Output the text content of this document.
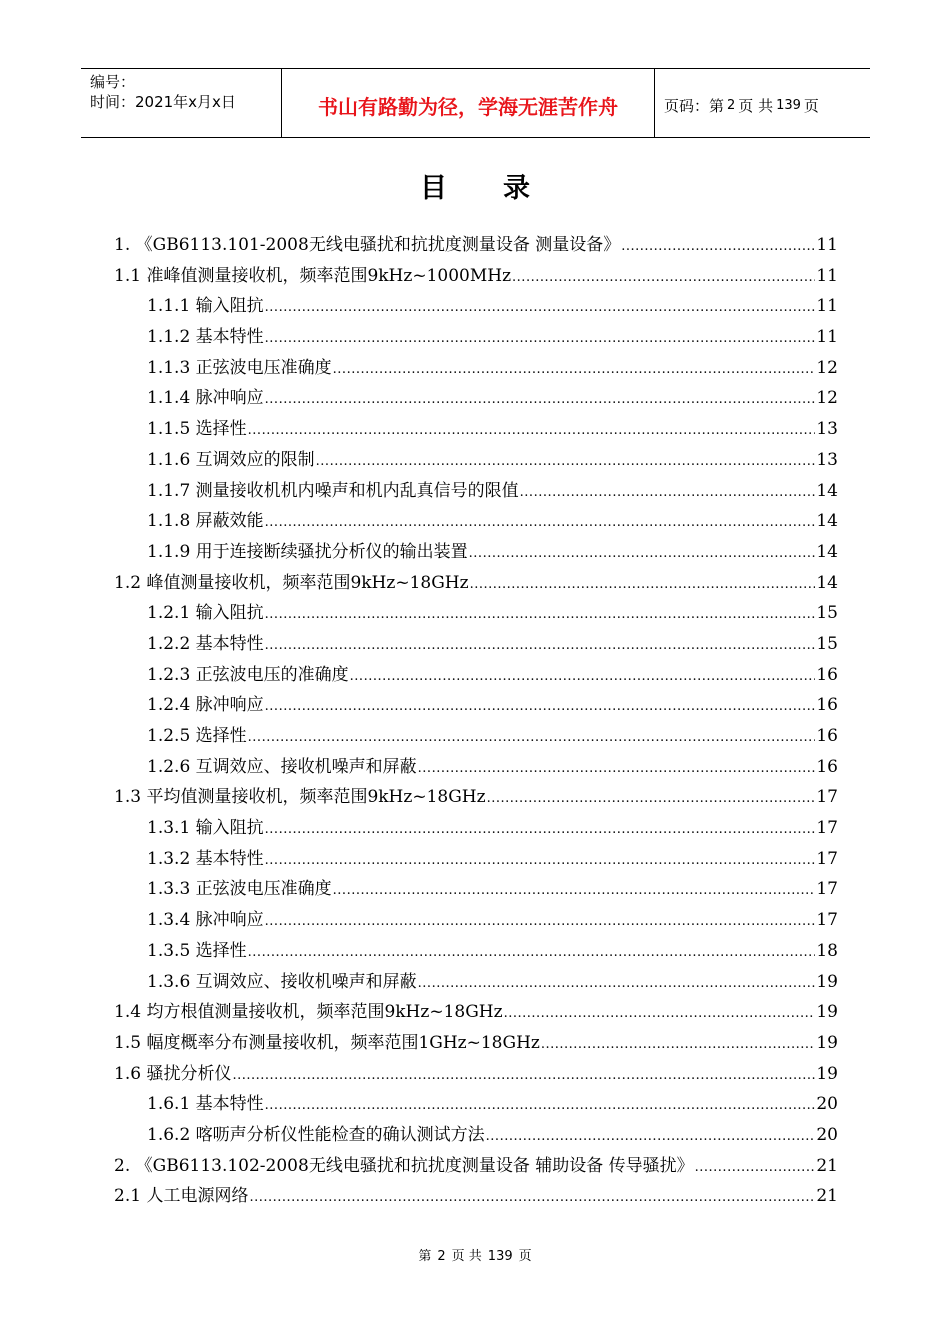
编号：
时间：2021年x月x日	书山有路勤为径，学海无涯苦作舟	页码：第 2 页 共 139 页
目 录
1. 《GB6113.101-2008无线电骚扰和抗扰度测量设备 测量设备》 .....	11
1.1 准峰值测量接收机，频率范围9kHz~1000MHz .....	11
1.1.1 输入阻抗 .....	11
1.1.2 基本特性 .....	11
1.1.3 正弦波电压准确度 .....	12
1.1.4 脉冲响应 .....	12
1.1.5 选择性 .....	13
1.1.6 互调效应的限制 .....	13
1.1.7 测量接收机机内噪声和机内乱真信号的限值 .....	14
1.1.8 屏蔽效能 .....	14
1.1.9 用于连接断续骚扰分析仪的输出装置 .....	14
1.2 峰值测量接收机，频率范围9kHz~18GHz .....	14
1.2.1 输入阻抗 .....	15
1.2.2 基本特性 .....	15
1.2.3 正弦波电压的准确度 .....	16
1.2.4 脉冲响应 .....	16
1.2.5 选择性 .....	16
1.2.6 互调效应、接收机噪声和屏蔽 .....	16
1.3 平均值测量接收机，频率范围9kHz~18GHz .....	17
1.3.1 输入阻抗 .....	17
1.3.2 基本特性 .....	17
1.3.3 正弦波电压准确度 .....	17
1.3.4 脉冲响应 .....	17
1.3.5 选择性 .....	18
1.3.6 互调效应、接收机噪声和屏蔽 .....	19
1.4 均方根值测量接收机，频率范围9kHz~18GHz .....	19
1.5 幅度概率分布测量接收机，频率范围1GHz~18GHz .....	19
1.6 骚扰分析仪 .....	19
1.6.1 基本特性 .....	20
1.6.2 喀呖声分析仪性能检查的确认测试方法 .....	20
2. 《GB6113.102-2008无线电骚扰和抗扰度测量设备 辅助设备 传导骚扰》 .....	21
2.1 人工电源网络 .....	21
第 2 页 共 139 页
